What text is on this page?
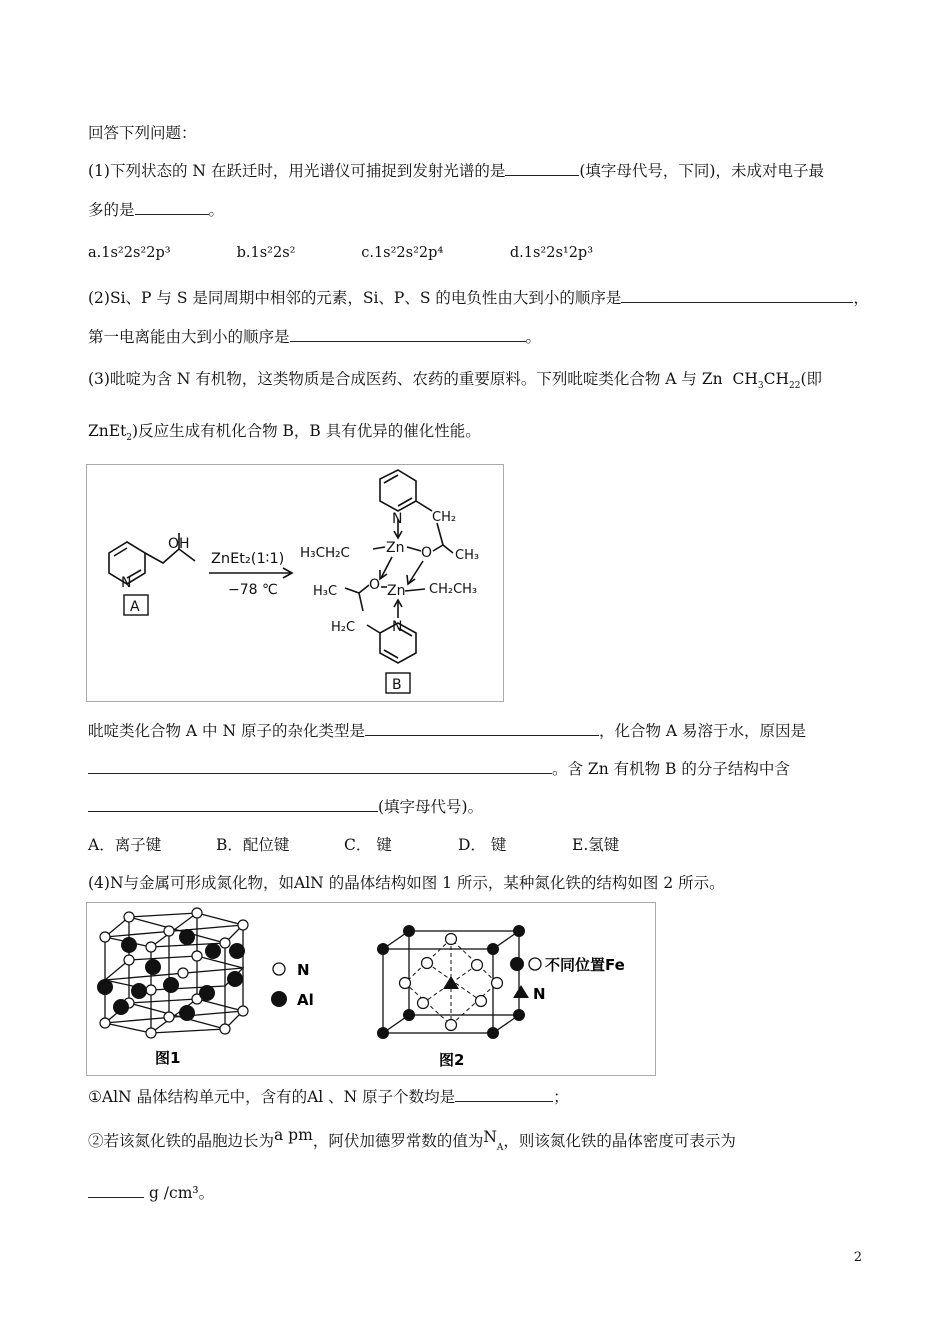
回答下列问题：
(1)下列状态的 N 在跃迁时，用光谱仪可捕捉到发射光谱的是	(填字母代号，下同)，未成对电子最
多的是	。
a.1s²2s²2p³	b.1s²2s²	c.1s²2s²2p⁴	d.1s²2s¹2p³
(2)Si、P 与 S 是同周期中相邻的元素，Si、P、S 的电负性由大到小的顺序是	，
第一电离能由大到小的顺序是	。
(3)吡啶为含 N 有机物，这类物质是合成医药、农药的重要原料。下列吡啶类化合物 A 与 Zn $CH_3CH_{22}$(即
ZnEt$_2$)反应生成有机化合物 B，B 具有优异的催化性能。
N
OH
ZnEt₂(1∶1)
−78 ℃
A
N CH₂
H₃CH₂C	Zn O CH₃
H₃C O Zn CH₂CH₃
H₂C	N
B
吡啶类化合物 A 中 N 原子的杂化类型是	，化合物 A 易溶于水，原因是
。含 Zn 有机物 B 的分子结构中含
(填字母代号)。
A．离子键	B．配位键	C． 键	D． 键	E.氢键
(4)N与金属可形成氮化物，如AlN 的晶体结构如图 1 所示，某种氮化铁的结构如图 2 所示。
N
Al
图1
不同位置Fe
N
图2
①AlN 晶体结构单元中，含有的Al 、N 原子个数均是	；
②若该氮化铁的晶胞边长为a pm，阿伏加德罗常数的值为$N_A$，则该氮化铁的晶体密度可表示为
g /cm³。
2
